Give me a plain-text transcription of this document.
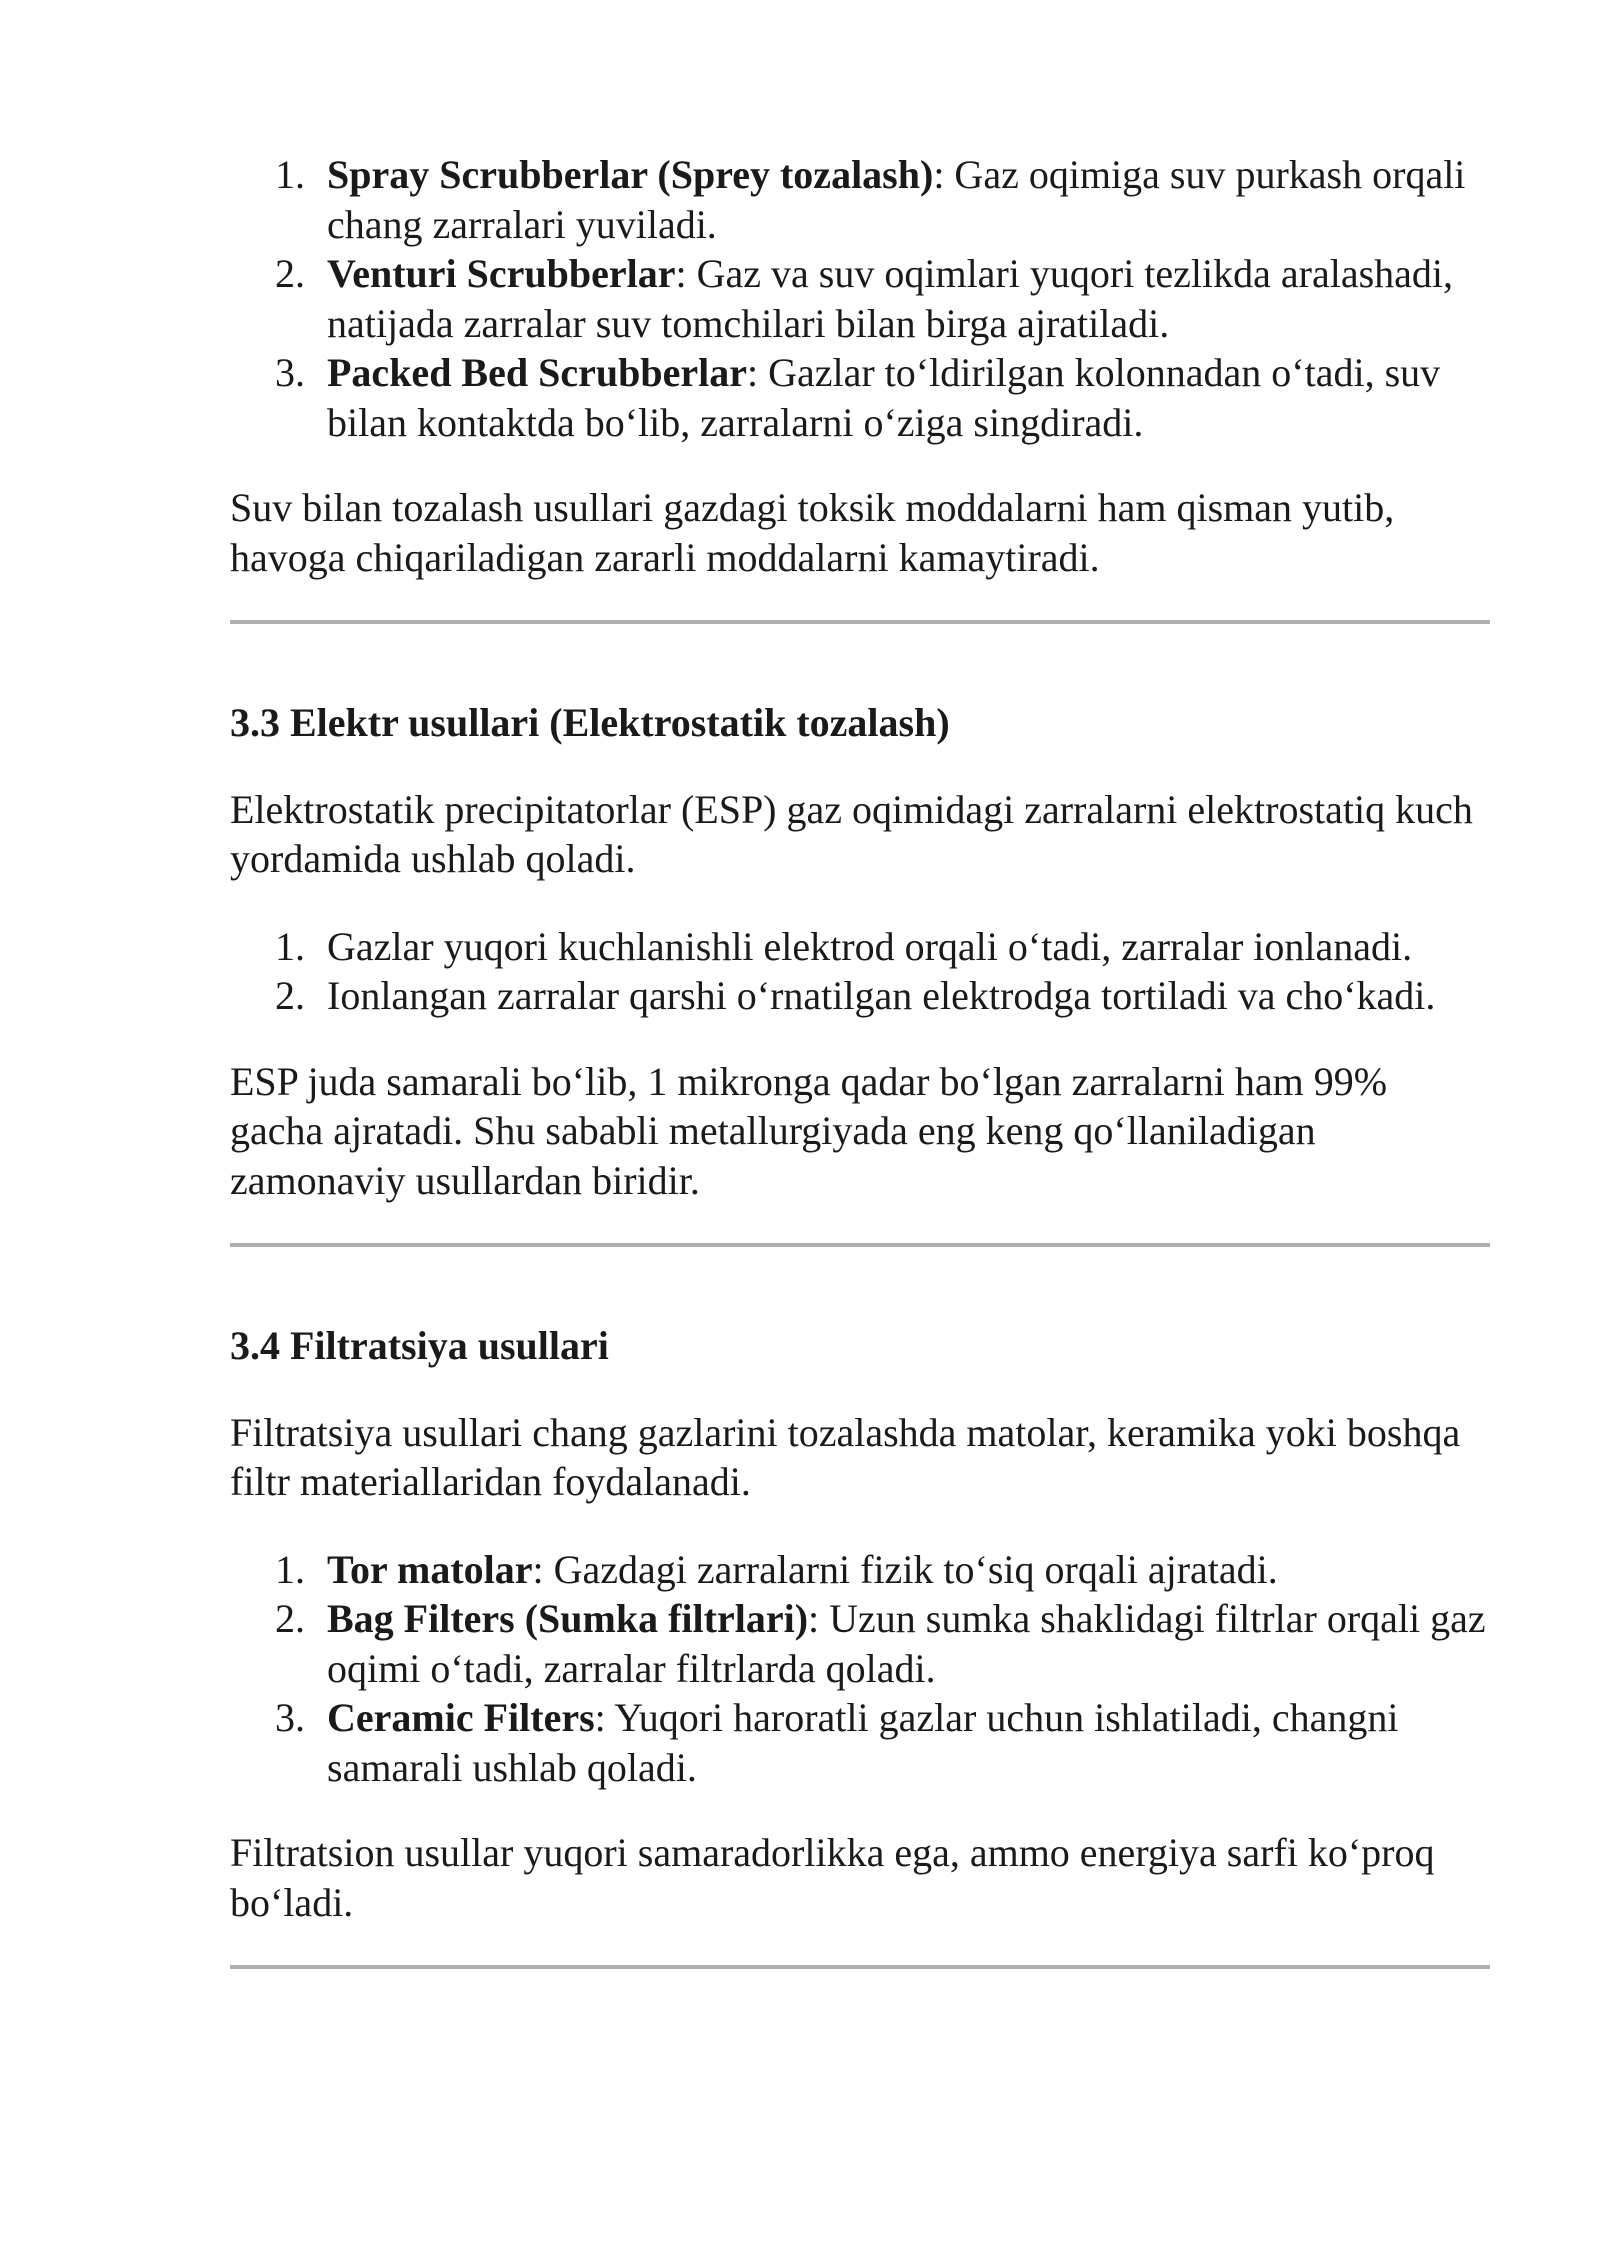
1. Spray Scrubberlar (Sprey tozalash): Gaz oqimiga suv purkash orqali chang zarralari yuviladi.
2. Venturi Scrubberlar: Gaz va suv oqimlari yuqori tezlikda aralashadi, natijada zarralar suv tomchilari bilan birga ajratiladi.
3. Packed Bed Scrubberlar: Gazlar to‘ldirilgan kolonnadan o‘tadi, suv bilan kontaktda bo‘lib, zarralarni o‘ziga singdiradi.

Suv bilan tozalash usullari gazdagi toksik moddalarni ham qisman yutib, havoga chiqariladigan zararli moddalarni kamaytiradi.

3.3 Elektr usullari (Elektrostatik tozalash)

Elektrostatik precipitatorlar (ESP) gaz oqimidagi zarralarni elektrostatiq kuch yordamida ushlab qoladi.

1. Gazlar yuqori kuchlanishli elektrod orqali o‘tadi, zarralar ionlanadi.
2. Ionlangan zarralar qarshi o‘rnatilgan elektrodga tortiladi va cho‘kadi.

ESP juda samarali bo‘lib, 1 mikronga qadar bo‘lgan zarralarni ham 99% gacha ajratadi. Shu sababli metallurgiyada eng keng qo‘llaniladigan zamonaviy usullardan biridir.

3.4 Filtratsiya usullari

Filtratsiya usullari chang gazlarini tozalashda matolar, keramika yoki boshqa filtr materiallaridan foydalanadi.

1. Tor matolar: Gazdagi zarralarni fizik to‘siq orqali ajratadi.
2. Bag Filters (Sumka filtrlari): Uzun sumka shaklidagi filtrlar orqali gaz oqimi o‘tadi, zarralar filtrlarda qoladi.
3. Ceramic Filters: Yuqori haroratli gazlar uchun ishlatiladi, changni samarali ushlab qoladi.

Filtratsion usullar yuqori samaradorlikka ega, ammo energiya sarfi ko‘proq bo‘ladi.
